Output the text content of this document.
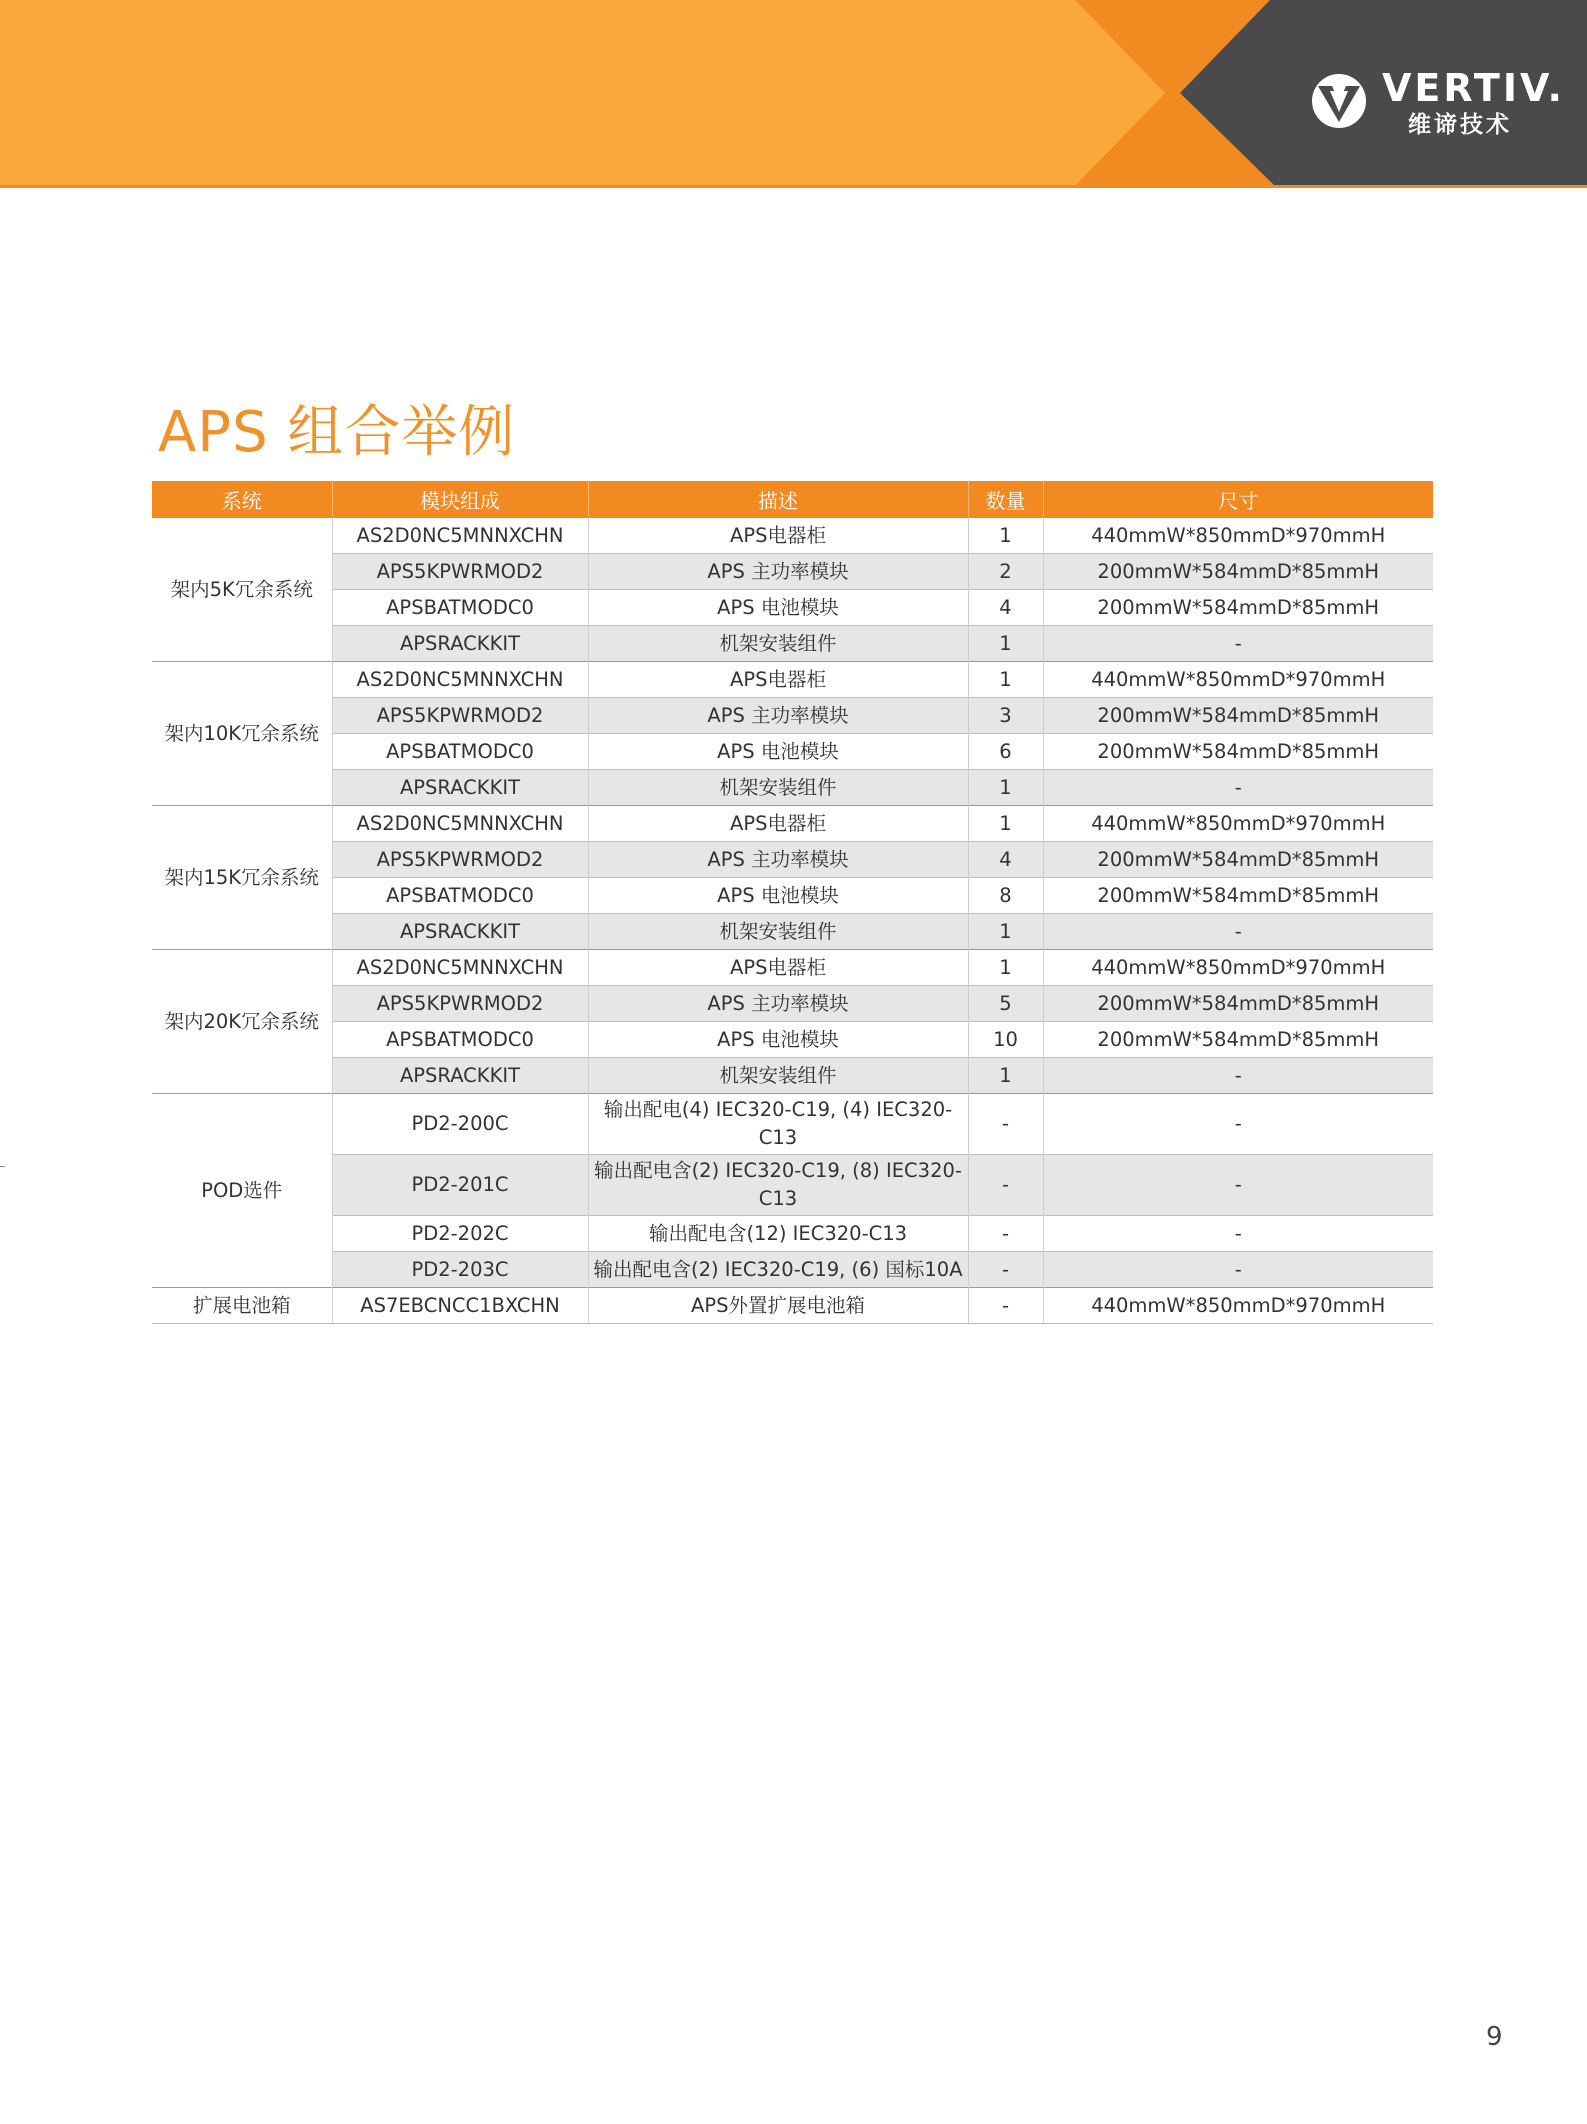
VERTIV.
维谛技术
APS 组合举例
系统	模块组成	描述	数量	尺寸
架内5K冗余系统	AS2D0NC5MNNXCHN	APS电器柜	1	440mmW*850mmD*970mmH
	APS5KPWRMOD2	APS 主功率模块	2	200mmW*584mmD*85mmH
	APSBATMODC0	APS 电池模块	4	200mmW*584mmD*85mmH
	APSRACKKIT	机架安装组件	1	-
架内10K冗余系统	AS2D0NC5MNNXCHN	APS电器柜	1	440mmW*850mmD*970mmH
	APS5KPWRMOD2	APS 主功率模块	3	200mmW*584mmD*85mmH
	APSBATMODC0	APS 电池模块	6	200mmW*584mmD*85mmH
	APSRACKKIT	机架安装组件	1	-
架内15K冗余系统	AS2D0NC5MNNXCHN	APS电器柜	1	440mmW*850mmD*970mmH
	APS5KPWRMOD2	APS 主功率模块	4	200mmW*584mmD*85mmH
	APSBATMODC0	APS 电池模块	8	200mmW*584mmD*85mmH
	APSRACKKIT	机架安装组件	1	-
架内20K冗余系统	AS2D0NC5MNNXCHN	APS电器柜	1	440mmW*850mmD*970mmH
	APS5KPWRMOD2	APS 主功率模块	5	200mmW*584mmD*85mmH
	APSBATMODC0	APS 电池模块	10	200mmW*584mmD*85mmH
	APSRACKKIT	机架安装组件	1	-
POD选件	PD2-200C	输出配电(4) IEC320-C19, (4) IEC320-C13	-	-
	PD2-201C	输出配电含(2) IEC320-C19, (8) IEC320-C13	-	-
	PD2-202C	输出配电含(12) IEC320-C13	-	-
	PD2-203C	输出配电含(2) IEC320-C19, (6) 国标10A	-	-
扩展电池箱	AS7EBCNCC1BXCHN	APS外置扩展电池箱	-	440mmW*850mmD*970mmH
9
